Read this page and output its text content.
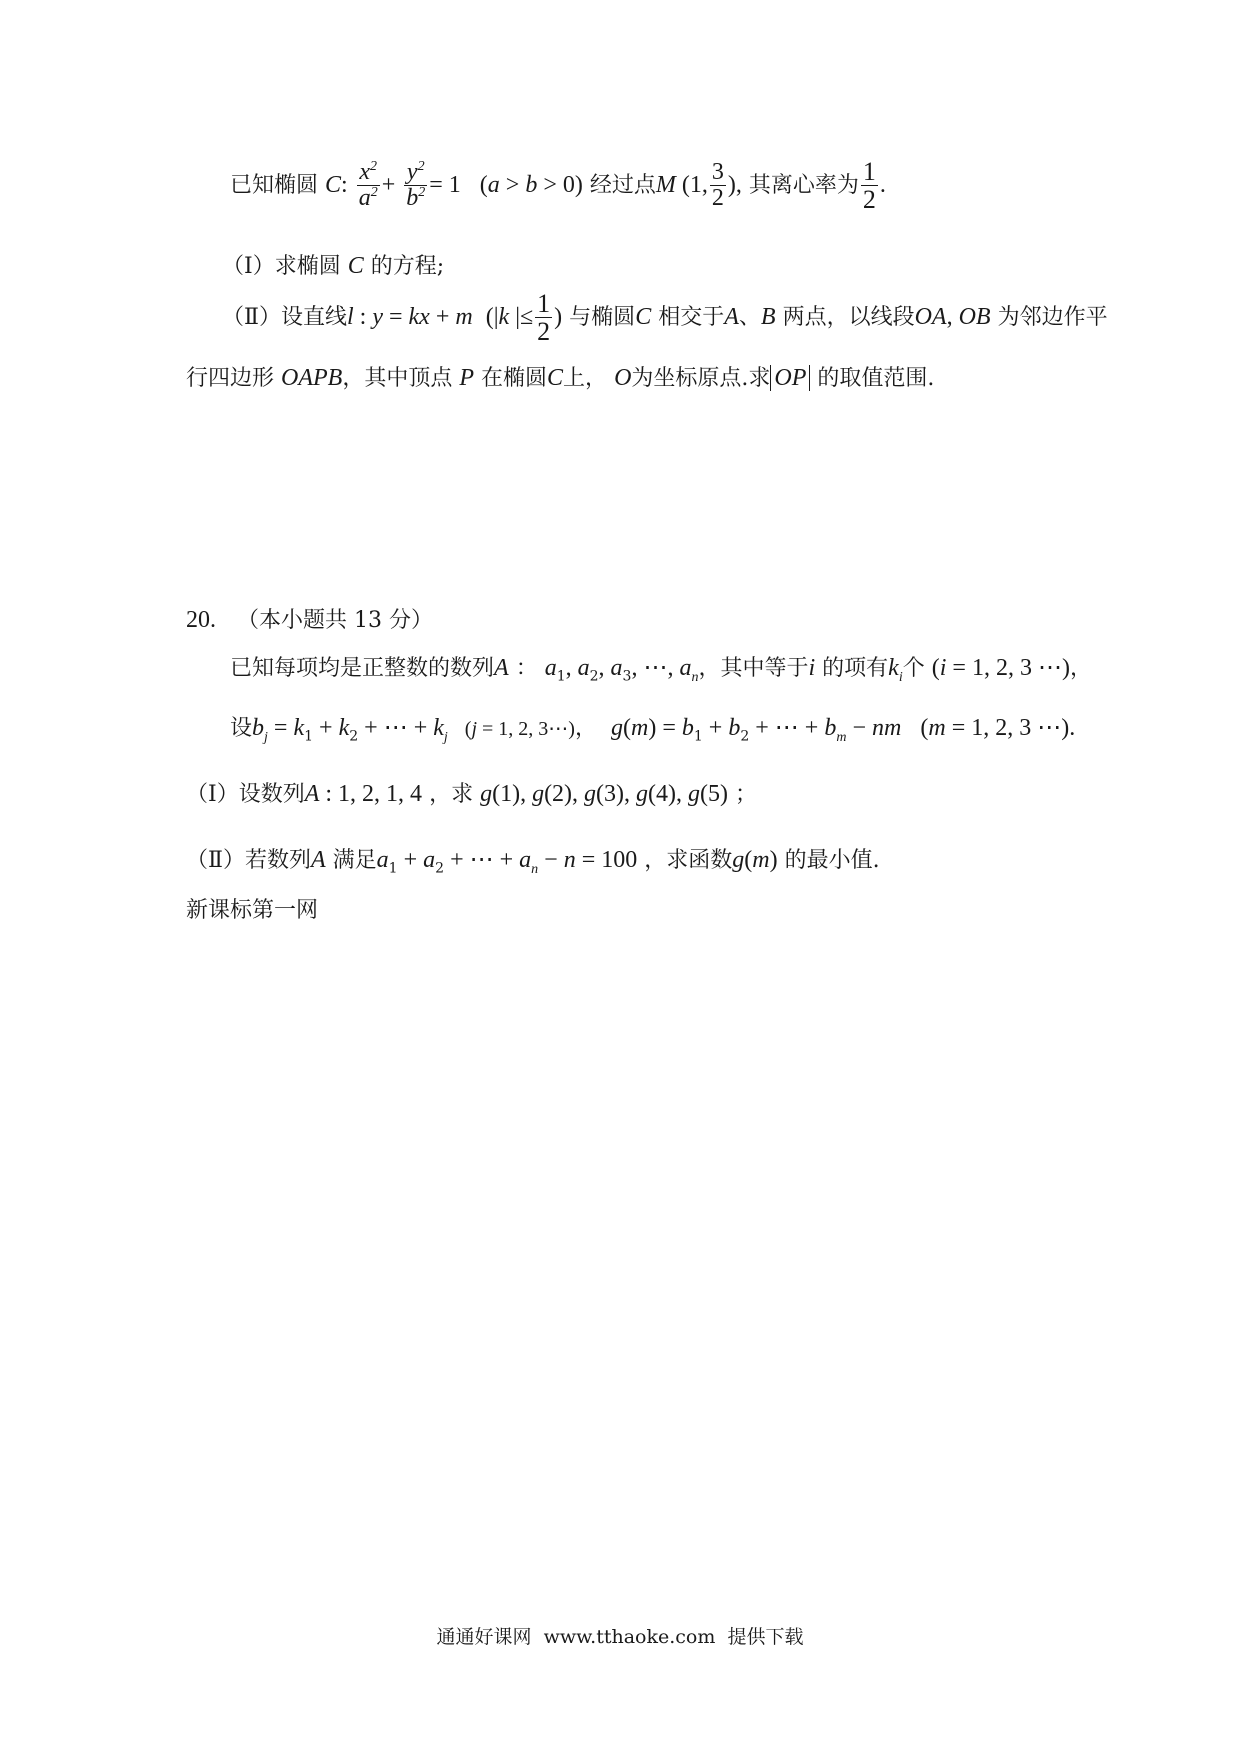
已知椭圆 C: $\frac{x^2}{a^2} + \frac{y^2}{b^2} = 1$   (a > b > 0) 经过点M (1, $\frac{3}{2}$ ), 其离心率为 $\frac{1}{2}$ .
（Ⅰ）求椭圆 C 的方程;
（Ⅱ）设直线l : y = kx + m  (|k |≤ $\frac{1}{2}$ ) 与椭圆C 相交于A、B 两点，以线段OA, OB 为邻边作平
行四边形 OAPB，其中顶点 P 在椭圆C上， O为坐标原点.求 OP 的取值范围.
20. （本小题共 13 分）
已知每项均是正整数的数列A ： $a_1$, $a_2$, $a_3$, ⋯, $a_n$，其中等于i 的项有$k_i$个 (i = 1, 2, 3 ⋯)，
设$b_j = k_1 + k_2$ + ⋯ + $k_j$   (j = 1, 2, 3⋯)， $g(m) = b_1 + b_2$ + ⋯ + $b_m$ − nm   (m = 1, 2, 3 ⋯).
（Ⅰ）设数列A : 1, 2, 1, 4 ，求 g(1), g(2), g(3), g(4), g(5) ；
（Ⅱ）若数列A 满足$a_1 + a_2$ + ⋯ + $a_n - n = 100$ ，求函数g(m) 的最小值.
新课标第一网
通通好课网  www.tthaoke.com  提供下载
